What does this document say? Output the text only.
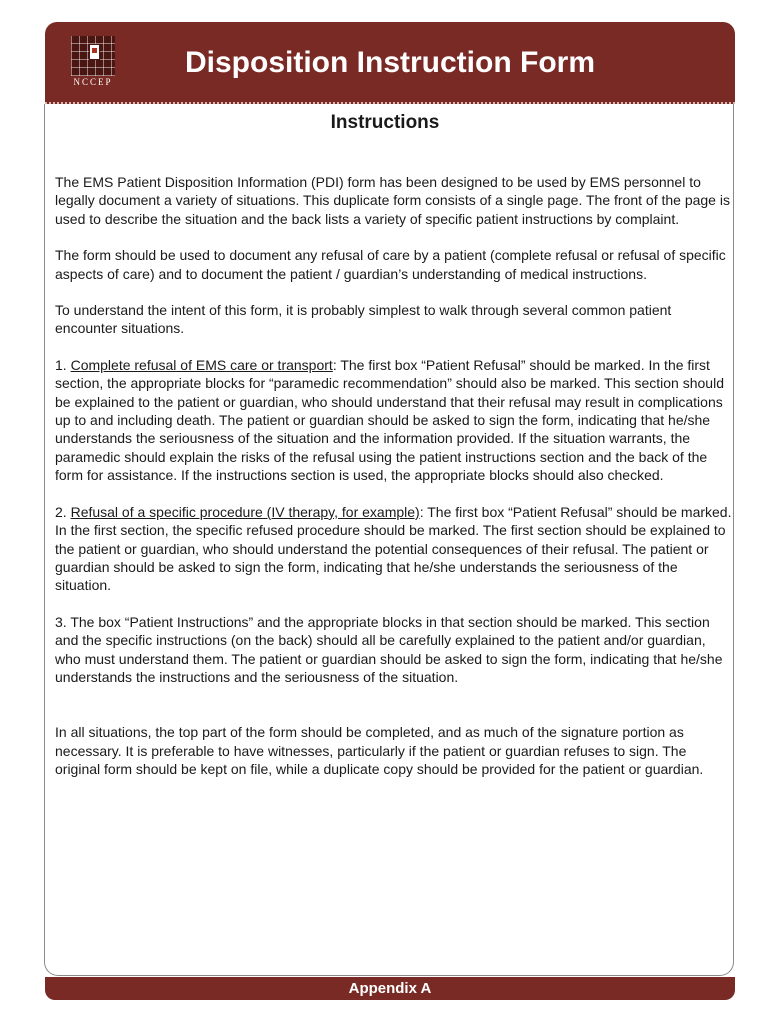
NCCEP
Disposition Instruction Form
Instructions

The EMS Patient Disposition Information (PDI) form has been designed to be used by EMS personnel to legally document a variety of situations. This duplicate form consists of a single page. The front of the page is used to describe the situation and the back lists a variety of specific patient instructions by complaint.

The form should be used to document any refusal of care by a patient (complete refusal or refusal of specific aspects of care) and to document the patient / guardian’s understanding of medical instructions.

To understand the intent of this form, it is probably simplest to walk through several common patient encounter situations.

1. Complete refusal of EMS care or transport: The first box “Patient Refusal” should be marked. In the first section, the appropriate blocks for “paramedic recommendation” should also be marked. This section should be explained to the patient or guardian, who should understand that their refusal may result in complications up to and including death. The patient or guardian should be asked to sign the form, indicating that he/she understands the seriousness of the situation and the information provided. If the situation warrants, the paramedic should explain the risks of the refusal using the patient instructions section and the back of the form for assistance. If the instructions section is used, the appropriate blocks should also checked.

2. Refusal of a specific procedure (IV therapy, for example): The first box “Patient Refusal” should be marked. In the first section, the specific refused procedure should be marked. The first section should be explained to the patient or guardian, who should understand the potential consequences of their refusal. The patient or guardian should be asked to sign the form, indicating that he/she understands the seriousness of the situation.

3. The box “Patient Instructions” and the appropriate blocks in that section should be marked. This section and the specific instructions (on the back) should all be carefully explained to the patient and/or guardian, who must understand them. The patient or guardian should be asked to sign the form, indicating that he/she understands the instructions and the seriousness of the situation.

In all situations, the top part of the form should be completed, and as much of the signature portion as necessary. It is preferable to have witnesses, particularly if the patient or guardian refuses to sign. The original form should be kept on file, while a duplicate copy should be provided for the patient or guardian.

Appendix A
